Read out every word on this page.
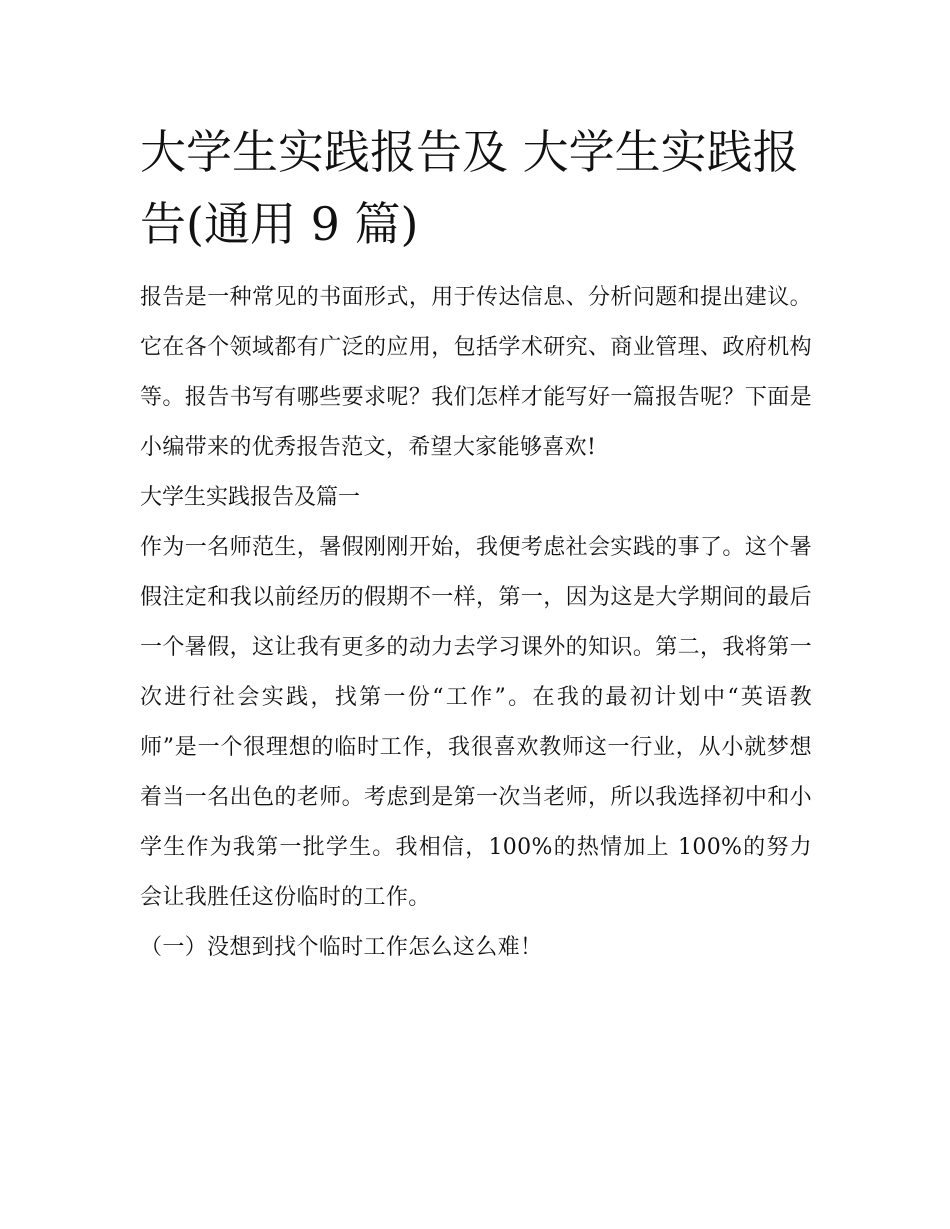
大学生实践报告及 大学生实践报告(通用 9 篇)

报告是一种常见的书面形式，用于传达信息、分析问题和提出建议。它在各个领域都有广泛的应用，包括学术研究、商业管理、政府机构等。报告书写有哪些要求呢？我们怎样才能写好一篇报告呢？下面是小编带来的优秀报告范文，希望大家能够喜欢!

大学生实践报告及篇一

作为一名师范生，暑假刚刚开始，我便考虑社会实践的事了。这个暑假注定和我以前经历的假期不一样，第一，因为这是大学期间的最后一个暑假，这让我有更多的动力去学习课外的知识。第二，我将第一次进行社会实践，找第一份“工作”。在我的最初计划中“英语教师”是一个很理想的临时工作，我很喜欢教师这一行业，从小就梦想着当一名出色的老师。考虑到是第一次当老师，所以我选择初中和小学生作为我第一批学生。我相信，100%的热情加上 100%的努力会让我胜任这份临时的工作。

（一）没想到找个临时工作怎么这么难！
